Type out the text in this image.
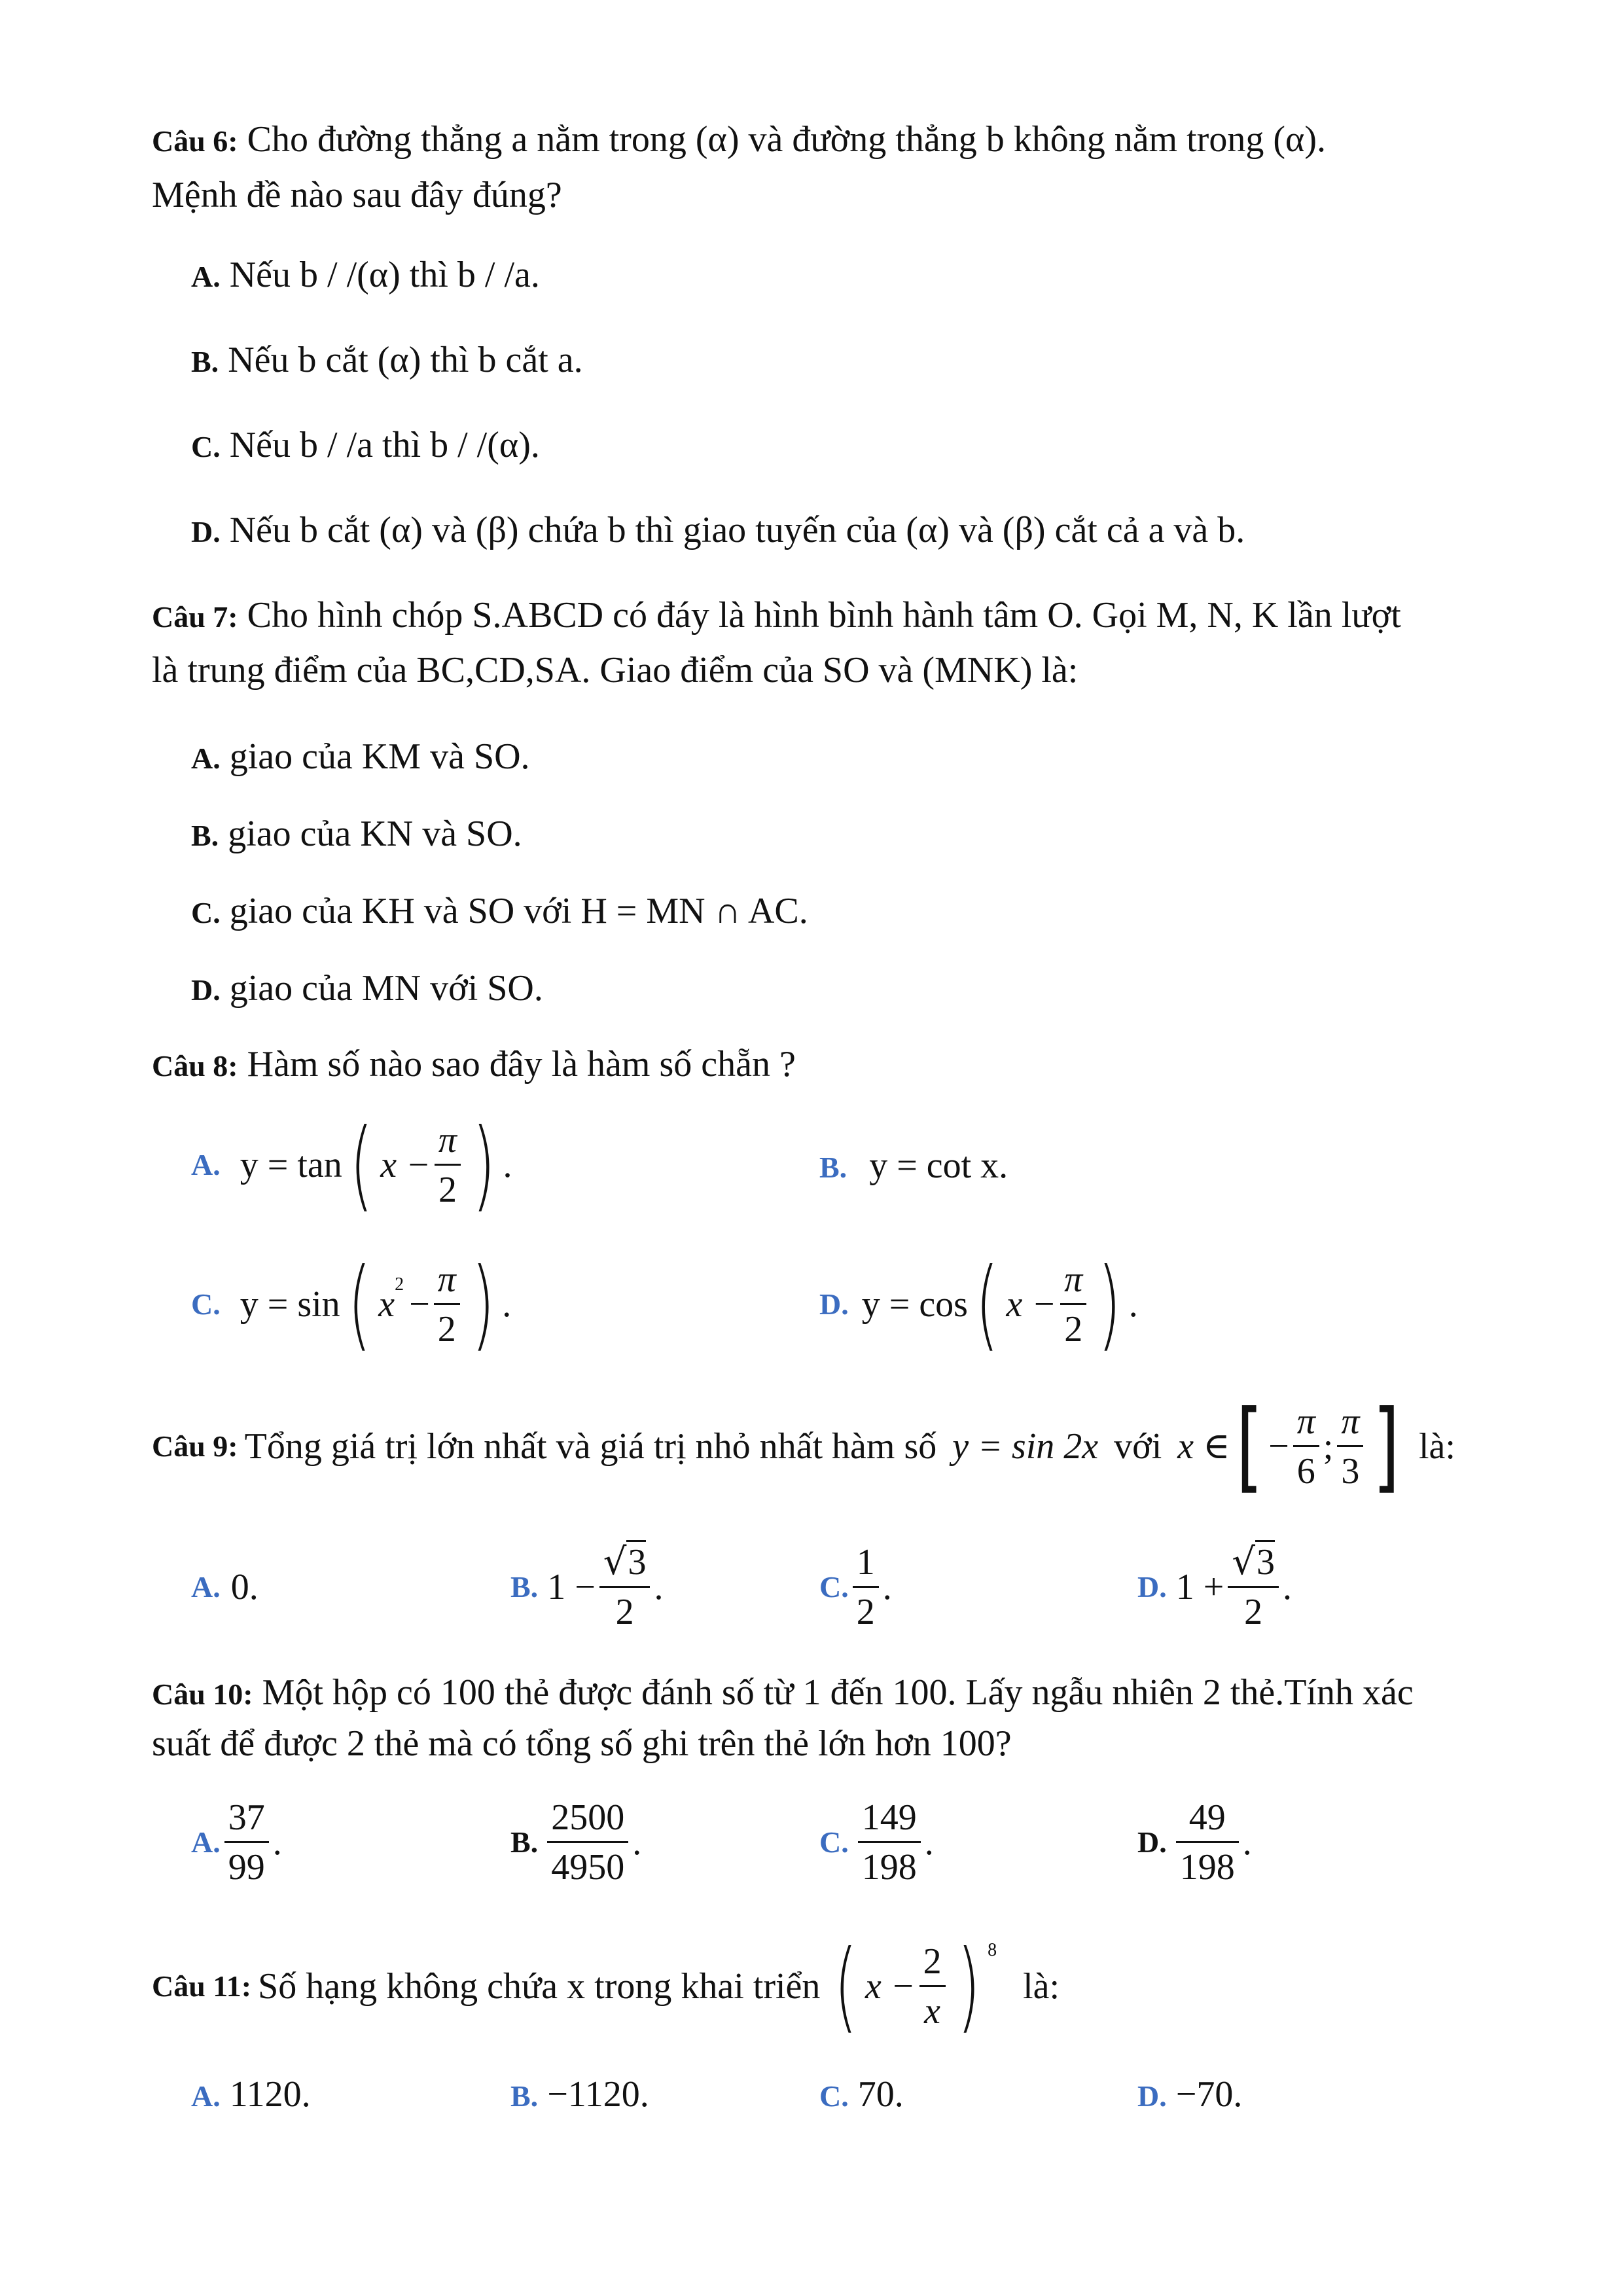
Câu 6: Cho đường thẳng a nằm trong (α) và đường thẳng b không nằm trong (α).
Mệnh đề nào sau đây đúng?
A. Nếu b / /(α) thì b / /a.
B. Nếu b cắt (α) thì b cắt a.
C. Nếu b / /a thì b / /(α).
D. Nếu b cắt (α) và (β) chứa b thì giao tuyến của (α) và (β) cắt cả a và b.
Câu 7: Cho hình chóp S.ABCD có đáy là hình bình hành tâm O. Gọi M, N, K lần lượt
là trung điểm của BC,CD,SA. Giao điểm của SO và (MNK) là:
A. giao của KM và SO.
B. giao của KN và SO.
C. giao của KH và SO với H = MN ∩ AC.
D. giao của MN với SO.
Câu 8: Hàm số nào sao đây là hàm số chẵn ?
A. y = tan ( $x - \frac{\pi}{2}$ ) .	B. y = cot x.
C. y = sin ( $x^2 - \frac{\pi}{2}$ ) .	D. y = cos ( $x - \frac{\pi}{2}$ ) .
Câu 9: Tổng giá trị lớn nhất và giá trị nhỏ nhất hàm số y = sin 2x với x ∈ [ − $\frac{\pi}{6}$ ; $\frac{\pi}{3}$ ] là:
A. 0.	B. $1 - \frac{√3}{2}$ .	C. $\frac{1}{2}$ .	D. $1 + \frac{√3}{2}$ .
Câu 10: Một hộp có 100 thẻ được đánh số từ 1 đến 100. Lấy ngẫu nhiên 2 thẻ.Tính xác
suất để được 2 thẻ mà có tổng số ghi trên thẻ lớn hơn 100?
A. $\frac{37}{99}$ .	B. $\frac{2500}{4950}$ .	C. $\frac{149}{198}$ .	D. $\frac{49}{198}$ .
Câu 11: Số hạng không chứa x trong khai triển ( $x - \frac{2}{x}$ ) $^8$
là:
A. 1120.	B. −1120.	C. 70.	D. −70.
